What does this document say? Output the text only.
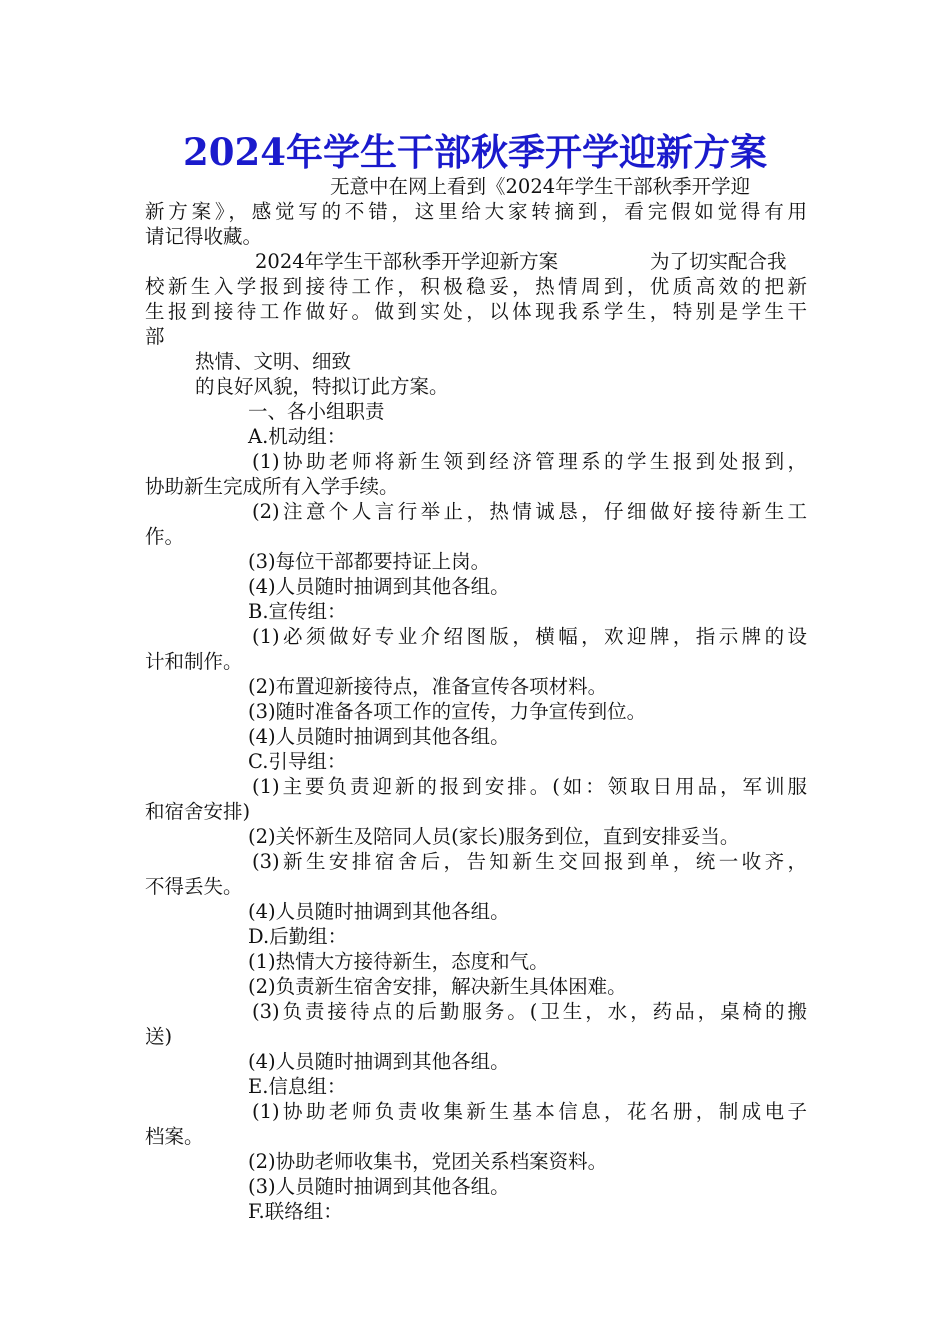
2024年学生干部秋季开学迎新方案
无意中在网上看到《2024年学生干部秋季开学迎
新方案》，感觉写的不错，这里给大家转摘到，看完假如觉得有用
请记得收藏。
2024年学生干部秋季开学迎新方案	为了切实配合我
校新生入学报到接待工作，积极稳妥，热情周到，优质高效的把新
生报到接待工作做好。做到实处，以体现我系学生，特别是学生干
部
热情、文明、细致
的良好风貌，特拟订此方案。
一、各小组职责
A.机动组：
(1)协助老师将新生领到经济管理系的学生报到处报到，
协助新生完成所有入学手续。
(2)注意个人言行举止，热情诚恳，仔细做好接待新生工
作。
(3)每位干部都要持证上岗。
(4)人员随时抽调到其他各组。
B.宣传组：
(1)必须做好专业介绍图版，横幅，欢迎牌，指示牌的设
计和制作。
(2)布置迎新接待点，准备宣传各项材料。
(3)随时准备各项工作的宣传，力争宣传到位。
(4)人员随时抽调到其他各组。
C.引导组：
(1)主要负责迎新的报到安排。(如：领取日用品，军训服
和宿舍安排)
(2)关怀新生及陪同人员(家长)服务到位，直到安排妥当。
(3)新生安排宿舍后，告知新生交回报到单，统一收齐，
不得丢失。
(4)人员随时抽调到其他各组。
D.后勤组：
(1)热情大方接待新生，态度和气。
(2)负责新生宿舍安排，解决新生具体困难。
(3)负责接待点的后勤服务。(卫生，水，药品，桌椅的搬
送)
(4)人员随时抽调到其他各组。
E.信息组：
(1)协助老师负责收集新生基本信息，花名册，制成电子
档案。
(2)协助老师收集书，党团关系档案资料。
(3)人员随时抽调到其他各组。
F.联络组：
